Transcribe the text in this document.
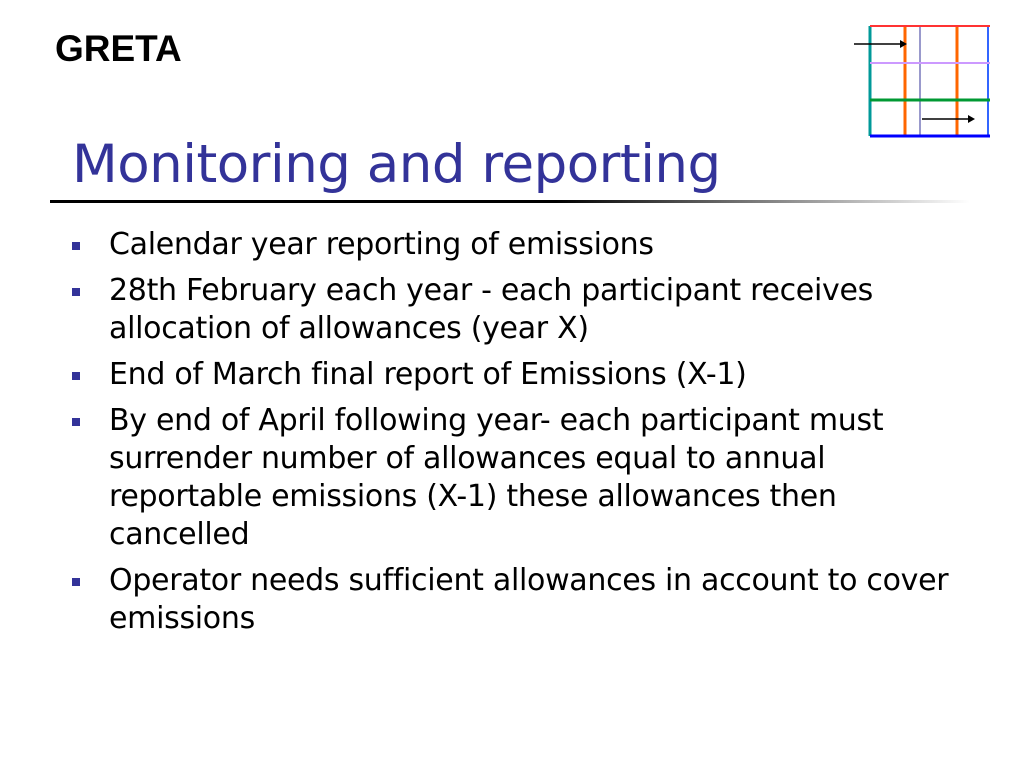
GRETA
Monitoring and reporting
Calendar year reporting of emissions
28th February each year - each participant receives allocation of allowances (year X)
End of March final report of Emissions (X-1)
By end of April following year- each participant must surrender number of allowances equal to annual reportable emissions (X-1) these allowances then cancelled
Operator needs sufficient allowances in account to cover emissions
